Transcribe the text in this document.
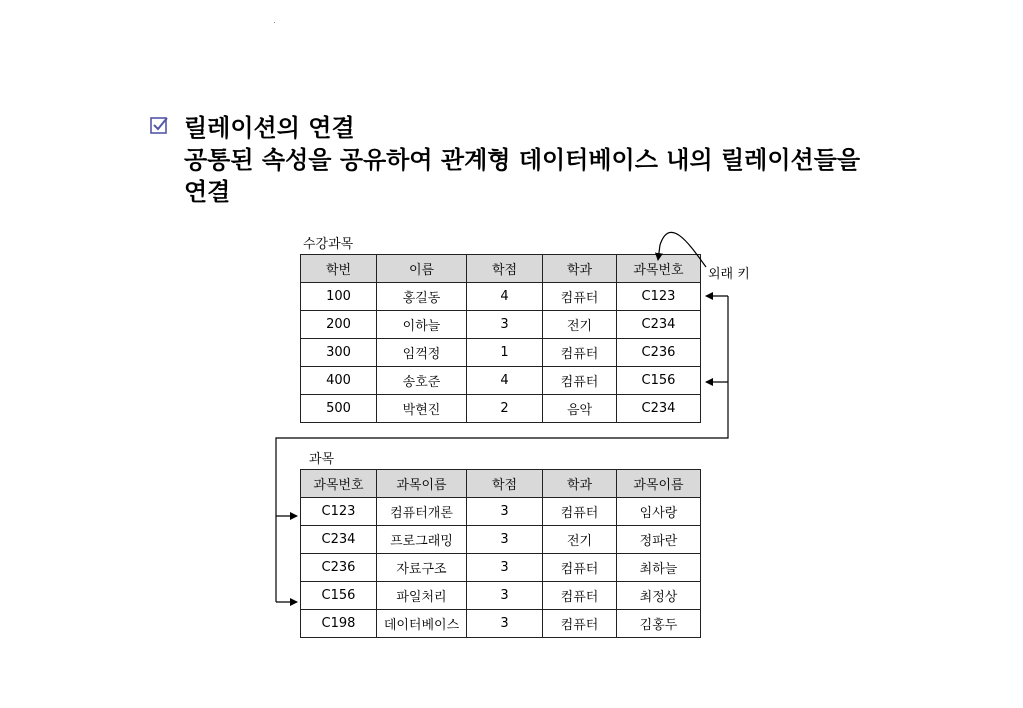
릴레이션의 연결
공통된 속성을 공유하여 관계형 데이터베이스 내의 릴레이션들을
연결
수강과목
학번	이름	학점	학과	과목번호
100	홍길동	4	컴퓨터	C123
200	이하늘	3	전기	C234
300	임꺽정	1	컴퓨터	C236
400	송호준	4	컴퓨터	C156
500	박현진	2	음악	C234
외래 키
과목
과목번호	과목이름	학점	학과	과목이름
C123	컴퓨터개론	3	컴퓨터	임사랑
C234	프로그래밍	3	전기	정파란
C236	자료구조	3	컴퓨터	최하늘
C156	파일처리	3	컴퓨터	최정상
C198	데이터베이스	3	컴퓨터	김홍두
